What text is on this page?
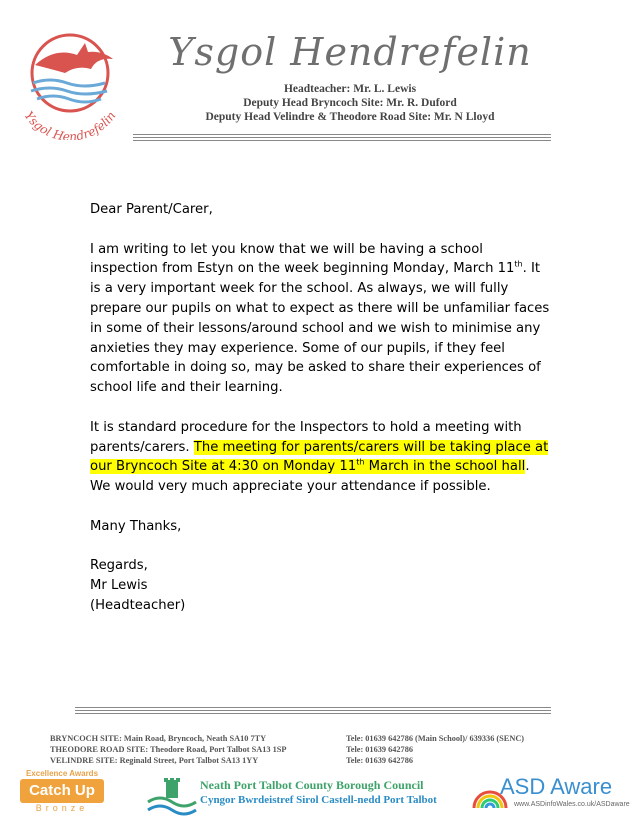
Ysgol Hendrefelin
Ysgol Hendrefelin
Headteacher: Mr. L. Lewis
Deputy Head Bryncoch Site: Mr. R. Duford
Deputy Head Velindre & Theodore Road Site: Mr. N Lloyd

Dear Parent/Carer,

I am writing to let you know that we will be having a school inspection from Estyn on the week beginning Monday, March 11th. It is a very important week for the school. As always, we will fully prepare our pupils on what to expect as there will be unfamiliar faces in some of their lessons/around school and we wish to minimise any anxieties they may experience. Some of our pupils, if they feel comfortable in doing so, may be asked to share their experiences of school life and their learning.

It is standard procedure for the Inspectors to hold a meeting with parents/carers. The meeting for parents/carers will be taking place at our Bryncoch Site at 4:30 on Monday 11th March in the school hall. We would very much appreciate your attendance if possible.

Many Thanks,

Regards,

Mr Lewis

(Headteacher)

BRYNCOCH SITE: Main Road, Bryncoch, Neath SA10 7TY	Tele: 01639 642786 (Main School)/ 639336 (SENC)
THEODORE ROAD SITE: Theodore Road, Port Talbot SA13 1SP	Tele: 01639 642786
VELINDRE SITE: Reginald Street, Port Talbot SA13 1YY	Tele: 01639 642786
Excellence Awards
Catch Up
Bronze
Neath Port Talbot County Borough Council
Cyngor Bwrdeistref Sirol Castell-nedd Port Talbot
ASD Aware
www.ASDinfoWales.co.uk/ASDaware
